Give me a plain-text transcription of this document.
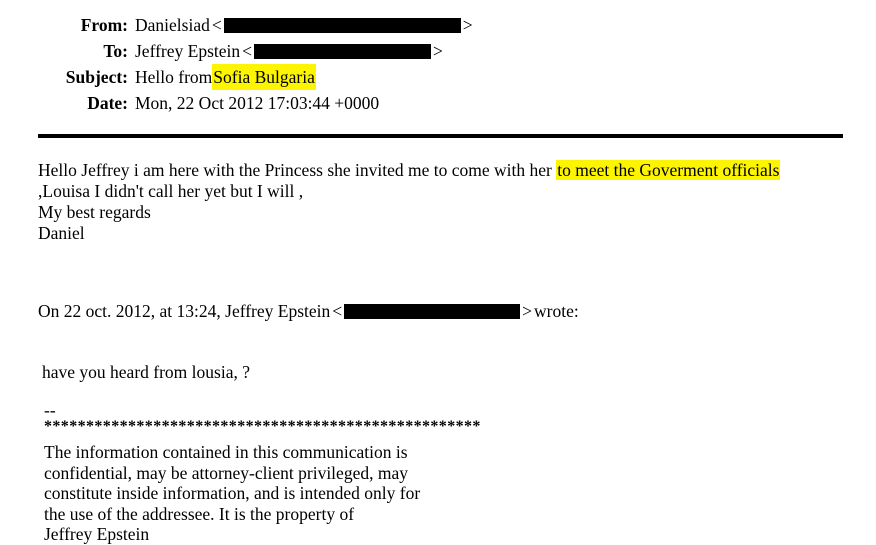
From: Danielsiad <	>
To: Jeffrey Epstein <	>
Subject: Hello from Sofia Bulgaria
Date: Mon, 22 Oct 2012 17:03:44 +0000

Hello Jeffrey i am here with the Princess she invited me to come with her to meet the Goverment officials

,Louisa I didn't call her yet but I will ,

My best regards

Daniel

On 22 oct. 2012, at 13:24, Jeffrey Epstein <	> wrote:
have you heard from lousia, ?
--
****************************************************

The information contained in this communication is

confidential, may be attorney-client privileged, may

constitute inside information, and is intended only for

the use of the addressee. It is the property of

Jeffrey Epstein
